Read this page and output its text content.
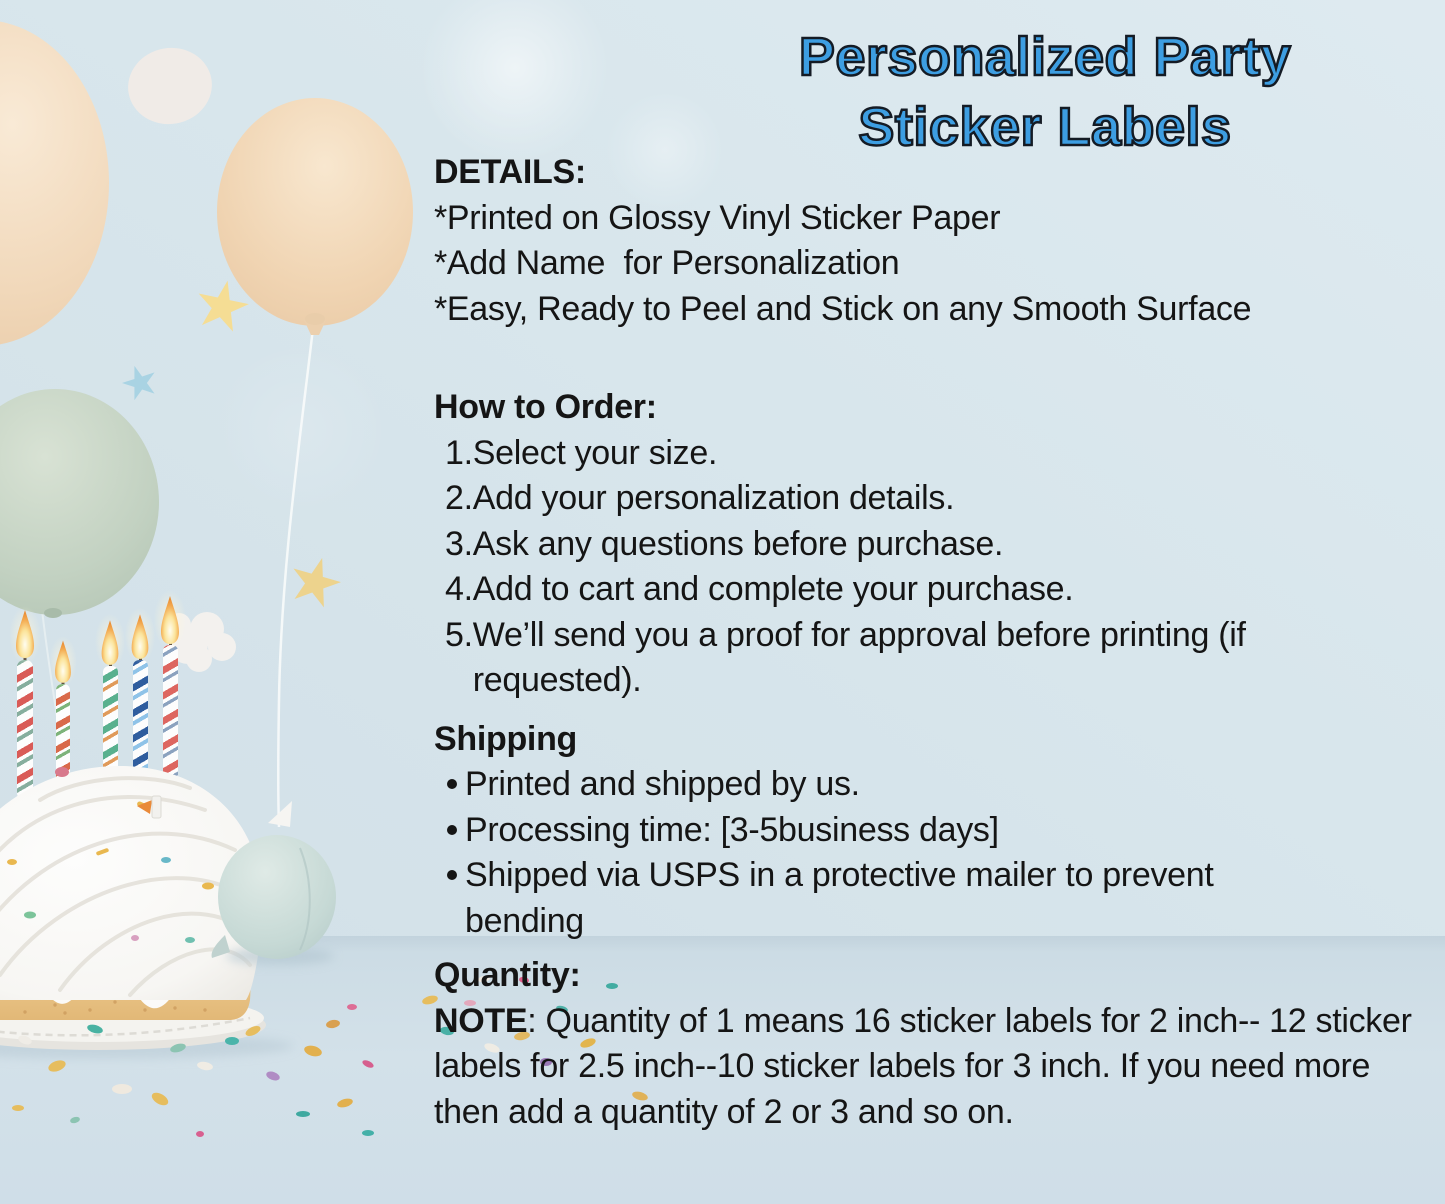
Personalized Party
Sticker Labels
DETAILS:
*Printed on Glossy Vinyl Sticker Paper
*Add Name  for Personalization
*Easy, Ready to Peel and Stick on any Smooth Surface
How to Order:
1. Select your size.
2. Add your personalization details.
3. Ask any questions before purchase.
4. Add to cart and complete your purchase.
5. We’ll send you a proof for approval before printing (if requested).
Shipping
Printed and shipped by us.
Processing time: [3-5business days]
Shipped via USPS in a protective mailer to prevent bending
Quantity:

NOTE: Quantity of 1 means 16 sticker labels for 2 inch-- 12 sticker labels for 2.5 inch--10 sticker labels for 3 inch. If you need more then add a quantity of 2 or 3 and so on.
